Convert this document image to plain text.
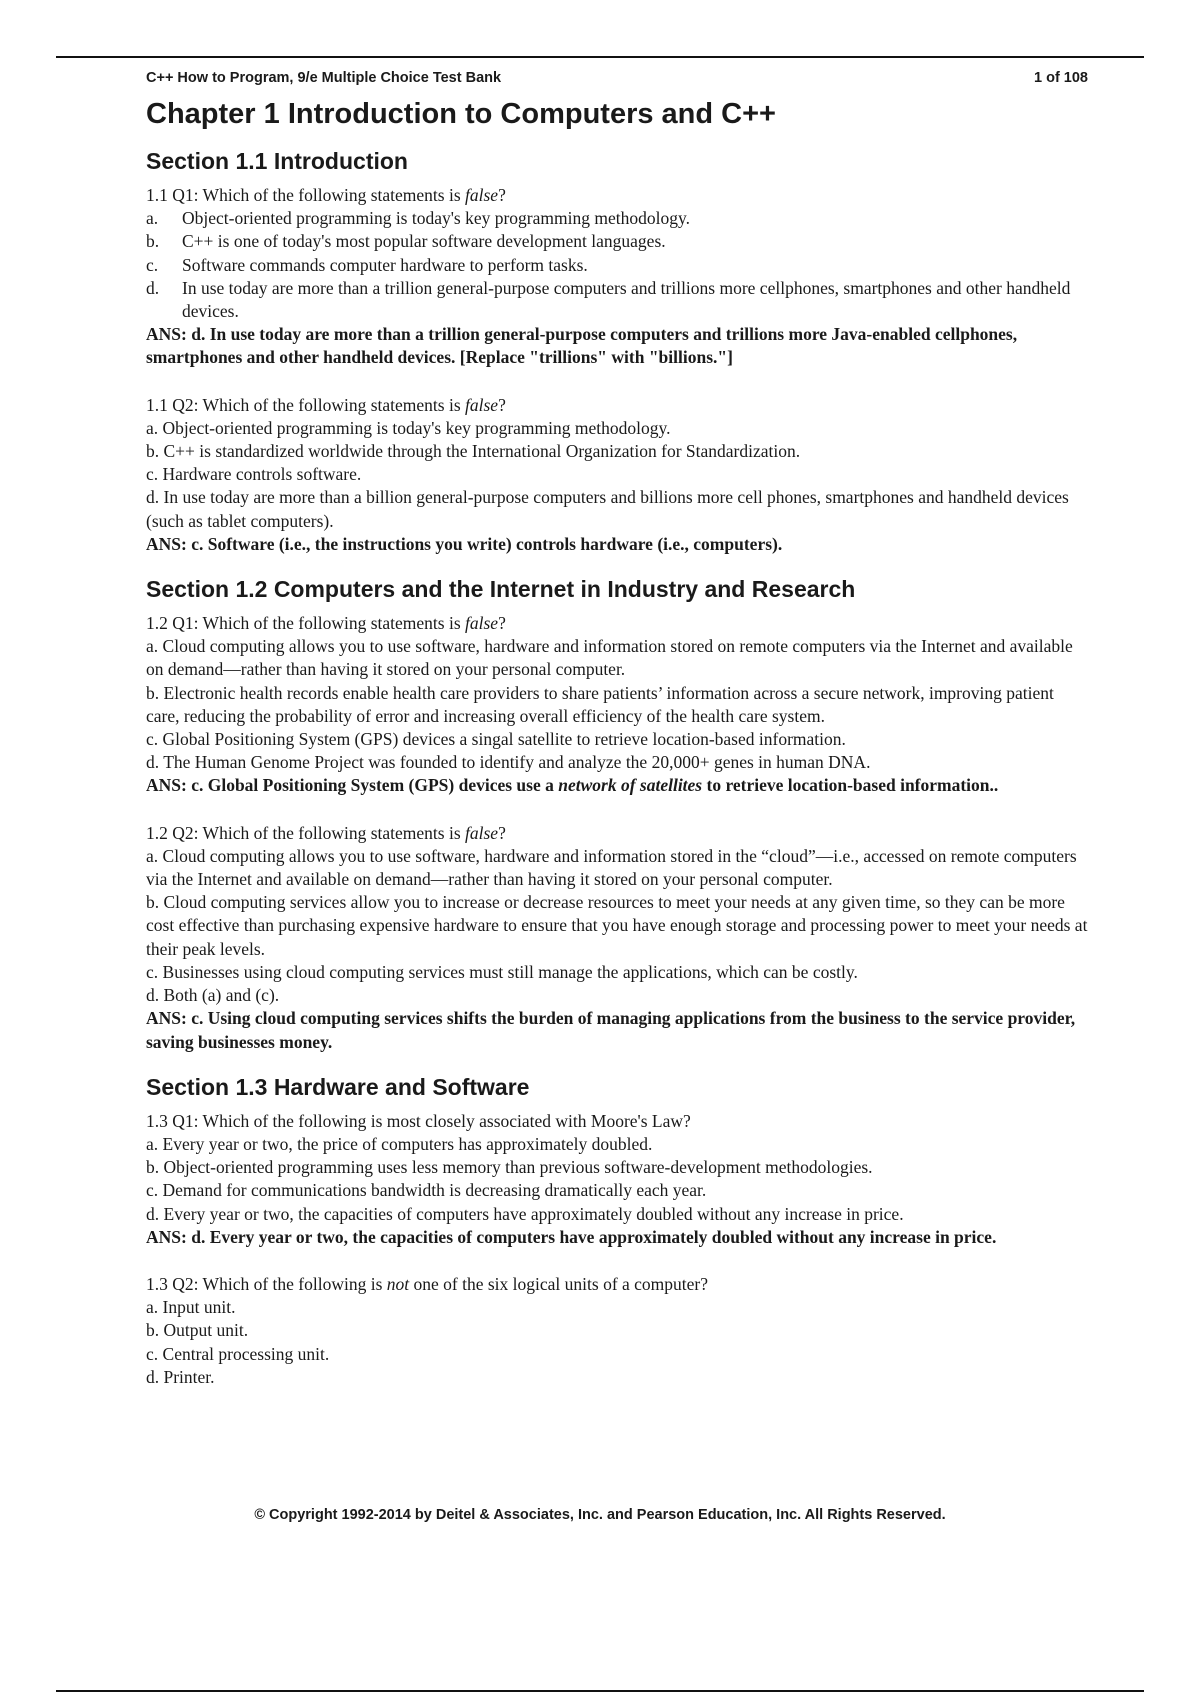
C++ How to Program, 9/e Multiple Choice Test Bank	1 of 108
Chapter 1 Introduction to Computers and C++
Section 1.1 Introduction
1.1 Q1: Which of the following statements is false?
a.	Object-oriented programming is today's key programming methodology.
b.	C++ is one of today's most popular software development languages.
c.	Software commands computer hardware to perform tasks.
d.	In use today are more than a trillion general-purpose computers and trillions more cellphones, smartphones and other handheld devices.
ANS: d. In use today are more than a trillion general-purpose computers and trillions more Java-enabled cellphones, smartphones and other handheld devices. [Replace "trillions" with "billions."]
1.1 Q2: Which of the following statements is false?
a. Object-oriented programming is today's key programming methodology.
b. C++ is standardized worldwide through the International Organization for Standardization.
c. Hardware controls software.
d. In use today are more than a billion general-purpose computers and billions more cell phones, smartphones and handheld devices (such as tablet computers).
ANS: c. Software (i.e., the instructions you write) controls hardware (i.e., computers).
Section 1.2 Computers and the Internet in Industry and Research
1.2 Q1: Which of the following statements is false?
a. Cloud computing allows you to use software, hardware and information stored on remote computers via the Internet and available on demand—rather than having it stored on your personal computer.
b. Electronic health records enable health care providers to share patients’ information across a secure network, improving patient care, reducing the probability of error and increasing overall efficiency of the health care system.
c. Global Positioning System (GPS) devices a singal satellite to retrieve location-based information.
d. The Human Genome Project was founded to identify and analyze the 20,000+ genes in human DNA.
ANS: c. Global Positioning System (GPS) devices use a network of satellites to retrieve location-based information..
1.2 Q2: Which of the following statements is false?
a. Cloud computing allows you to use software, hardware and information stored in the “cloud”—i.e., accessed on remote computers via the Internet and available on demand—rather than having it stored on your personal computer.
b. Cloud computing services allow you to increase or decrease resources to meet your needs at any given time, so they can be more cost effective than purchasing expensive hardware to ensure that you have enough storage and processing power to meet your needs at their peak levels.
c. Businesses using cloud computing services must still manage the applications, which can be costly.
d. Both (a) and (c).
ANS: c. Using cloud computing services shifts the burden of managing applications from the business to the service provider, saving businesses money.
Section 1.3 Hardware and Software
1.3 Q1: Which of the following is most closely associated with Moore's Law?
a. Every year or two, the price of computers has approximately doubled.
b. Object-oriented programming uses less memory than previous software-development methodologies.
c. Demand for communications bandwidth is decreasing dramatically each year.
d. Every year or two, the capacities of computers have approximately doubled without any increase in price.
ANS: d. Every year or two, the capacities of computers have approximately doubled without any increase in price.
1.3 Q2: Which of the following is not one of the six logical units of a computer?
a. Input unit.
b. Output unit.
c. Central processing unit.
d. Printer.
© Copyright 1992-2014 by Deitel & Associates, Inc. and Pearson Education, Inc. All Rights Reserved.
